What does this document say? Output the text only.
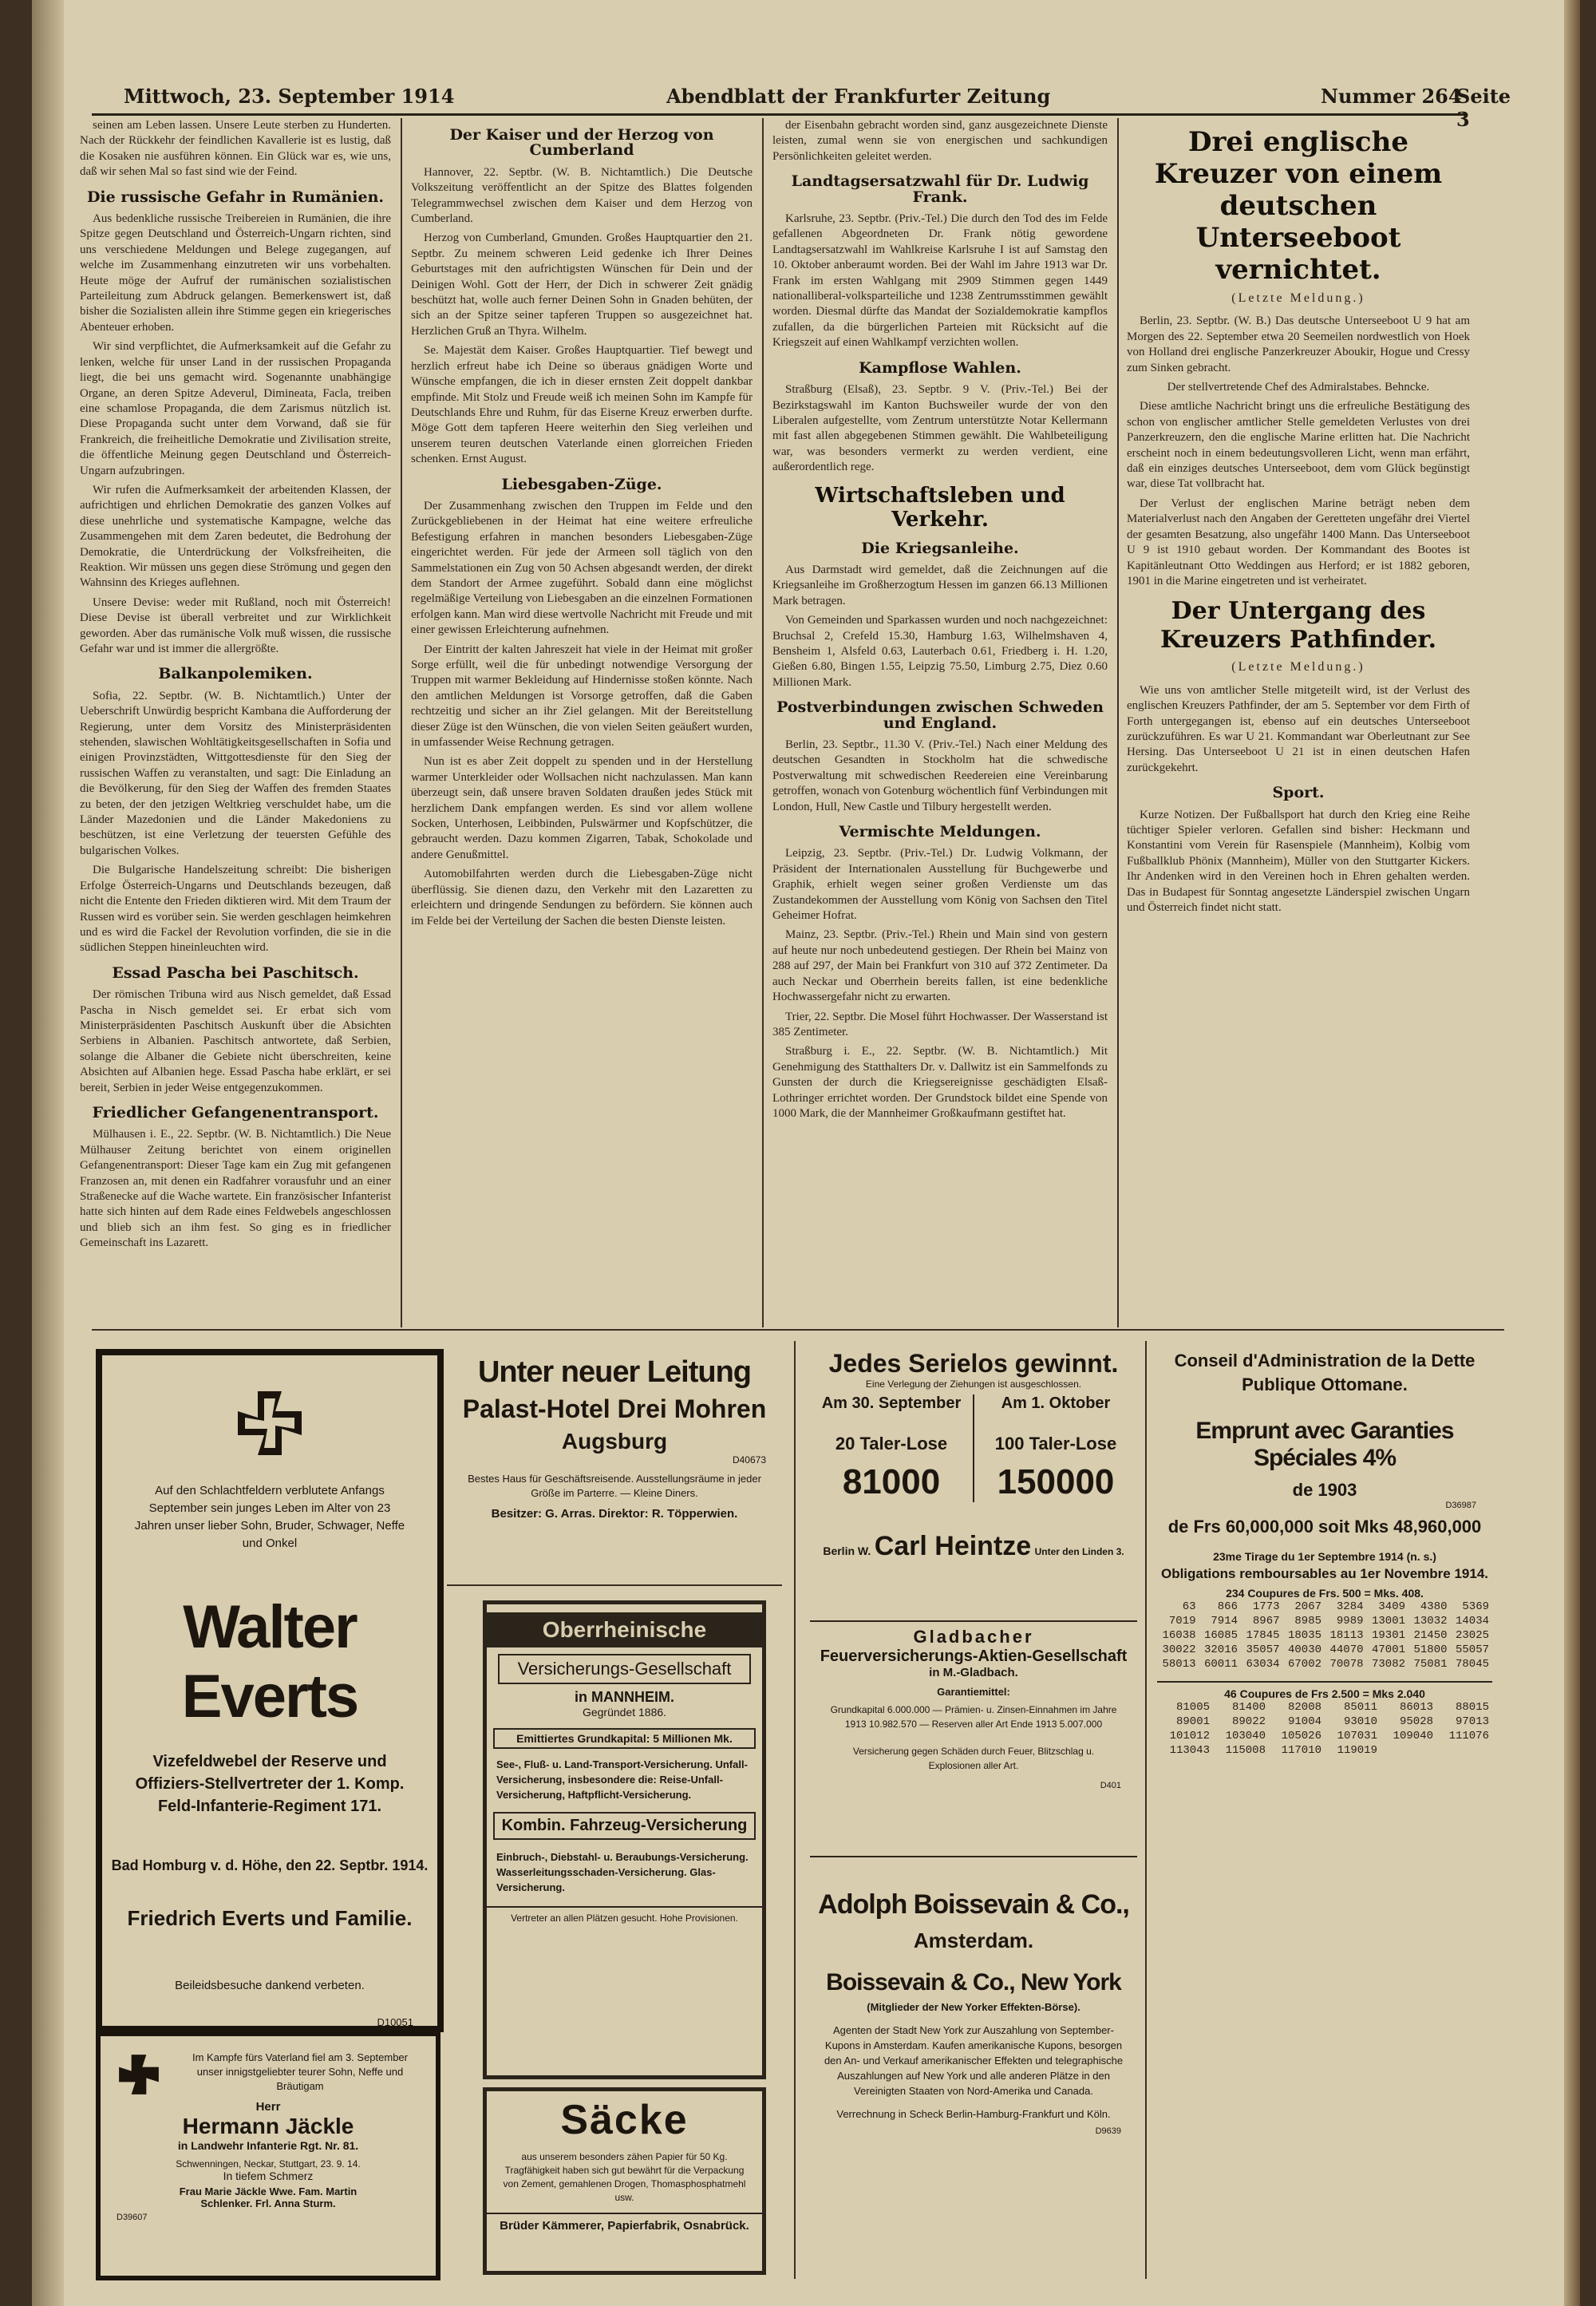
Mittwoch, 23. September 1914	Abendblatt der Frankfurter Zeitung	Nummer 264
Seite 3

seinen am Leben lassen. Unsere Leute sterben zu Hunderten. Nach der Rückkehr der feindlichen Kavallerie ist es lustig, daß die Kosaken nie ausführen können. Ein Glück war es, wie uns, daß wir sehen Mal so fast sind wie der Feind.

Die russische Gefahr in Rumänien.

Aus bedenkliche russische Treibereien in Rumänien, die ihre Spitze gegen Deutschland und Österreich-Ungarn richten, sind uns verschiedene Meldungen und Belege zugegangen, auf welche im Zusammenhang einzutreten wir uns vorbehalten. Heute möge der Aufruf der rumänischen sozialistischen Parteileitung zum Abdruck gelangen. Bemerkenswert ist, daß bisher die Sozialisten allein ihre Stimme gegen ein kriegerisches Abenteuer erhoben.

Wir sind verpflichtet, die Aufmerksamkeit auf die Gefahr zu lenken, welche für unser Land in der russischen Propaganda liegt, die bei uns gemacht wird. Sogenannte unabhängige Organe, an deren Spitze Adeverul, Dimineata, Facla, treiben eine schamlose Propaganda, die dem Zarismus nützlich ist. Diese Propaganda sucht unter dem Vorwand, daß sie für Frankreich, die freiheitliche Demokratie und Zivilisation streite, die öffentliche Meinung gegen Deutschland und Österreich-Ungarn aufzubringen.

Wir rufen die Aufmerksamkeit der arbeitenden Klassen, der aufrichtigen und ehrlichen Demokratie des ganzen Volkes auf diese unehrliche und systematische Kampagne, welche das Zusammengehen mit dem Zaren bedeutet, die Bedrohung der Demokratie, die Unterdrückung der Volksfreiheiten, die Reaktion. Wir müssen uns gegen diese Strömung und gegen den Wahnsinn des Krieges auflehnen.

Unsere Devise: weder mit Rußland, noch mit Österreich! Diese Devise ist überall verbreitet und zur Wirklichkeit geworden. Aber das rumänische Volk muß wissen, die russische Gefahr war und ist immer die allergrößte.

Balkanpolemiken.

Sofia, 22. Septbr. (W. B. Nichtamtlich.) Unter der Ueberschrift Unwürdig bespricht Kambana die Aufforderung der Regierung, unter dem Vorsitz des Ministerpräsidenten stehenden, slawischen Wohltätigkeitsgesellschaften in Sofia und einigen Provinzstädten, Wittgottesdienste für den Sieg der russischen Waffen zu veranstalten, und sagt: Die Einladung an die Bevölkerung, für den Sieg der Waffen des fremden Staates zu beten, der den jetzigen Weltkrieg verschuldet habe, um die Länder Mazedonien und die Länder Makedoniens zu beschützen, ist eine Verletzung der teuersten Gefühle des bulgarischen Volkes.

Die Bulgarische Handelszeitung schreibt: Die bisherigen Erfolge Österreich-Ungarns und Deutschlands bezeugen, daß nicht die Entente den Frieden diktieren wird. Mit dem Traum der Russen wird es vorüber sein. Sie werden geschlagen heimkehren und es wird die Fackel der Revolution vorfinden, die sie in die südlichen Steppen hineinleuchten wird.

Essad Pascha bei Paschitsch.

Der römischen Tribuna wird aus Nisch gemeldet, daß Essad Pascha in Nisch gemeldet sei. Er erbat sich vom Ministerpräsidenten Paschitsch Auskunft über die Absichten Serbiens in Albanien. Paschitsch antwortete, daß Serbien, solange die Albaner die Gebiete nicht überschreiten, keine Absichten auf Albanien hege. Essad Pascha habe erklärt, er sei bereit, Serbien in jeder Weise entgegenzukommen.

Friedlicher Gefangenentransport.

Mülhausen i. E., 22. Septbr. (W. B. Nichtamtlich.) Die Neue Mülhauser Zeitung berichtet von einem originellen Gefangenentransport: Dieser Tage kam ein Zug mit gefangenen Franzosen an, mit denen ein Radfahrer vorausfuhr und an einer Straßenecke auf die Wache wartete. Ein französischer Infanterist hatte sich hinten auf dem Rade eines Feldwebels angeschlossen und blieb sich an ihm fest. So ging es in friedlicher Gemeinschaft ins Lazarett.

Der Kaiser und der Herzog von Cumberland

Hannover, 22. Septbr. (W. B. Nichtamtlich.) Die Deutsche Volkszeitung veröffentlicht an der Spitze des Blattes folgenden Telegrammwechsel zwischen dem Kaiser und dem Herzog von Cumberland.

Herzog von Cumberland, Gmunden. Großes Hauptquartier den 21. Septbr. Zu meinem schweren Leid gedenke ich Ihrer Deines Geburtstages mit den aufrichtigsten Wünschen für Dein und der Deinigen Wohl. Gott der Herr, der Dich in schwerer Zeit gnädig beschützt hat, wolle auch ferner Deinen Sohn in Gnaden behüten, der sich an der Spitze seiner tapferen Truppen so ausgezeichnet hat. Herzlichen Gruß an Thyra. Wilhelm.

Se. Majestät dem Kaiser. Großes Hauptquartier. Tief bewegt und herzlich erfreut habe ich Deine so überaus gnädigen Worte und Wünsche empfangen, die ich in dieser ernsten Zeit doppelt dankbar empfinde. Mit Stolz und Freude weiß ich meinen Sohn im Kampfe für Deutschlands Ehre und Ruhm, für das Eiserne Kreuz erwerben durfte. Möge Gott dem tapferen Heere weiterhin den Sieg verleihen und unserem teuren deutschen Vaterlande einen glorreichen Frieden schenken. Ernst August.

Liebesgaben-Züge.

Der Zusammenhang zwischen den Truppen im Felde und den Zurückgebliebenen in der Heimat hat eine weitere erfreuliche Befestigung erfahren in manchen besonders Liebesgaben-Züge eingerichtet werden. Für jede der Armeen soll täglich von den Sammelstationen ein Zug von 50 Achsen abgesandt werden, der direkt dem Standort der Armee zugeführt. Sobald dann eine möglichst regelmäßige Verteilung von Liebesgaben an die einzelnen Formationen erfolgen kann. Man wird diese wertvolle Nachricht mit Freude und mit einer gewissen Erleichterung aufnehmen.

Der Eintritt der kalten Jahreszeit hat viele in der Heimat mit großer Sorge erfüllt, weil die für unbedingt notwendige Versorgung der Truppen mit warmer Bekleidung auf Hindernisse stoßen könnte. Nach den amtlichen Meldungen ist Vorsorge getroffen, daß die Gaben rechtzeitig und sicher an ihr Ziel gelangen. Mit der Bereitstellung dieser Züge ist den Wünschen, die von vielen Seiten geäußert wurden, in umfassender Weise Rechnung getragen.

Nun ist es aber Zeit doppelt zu spenden und in der Herstellung warmer Unterkleider oder Wollsachen nicht nachzulassen. Man kann überzeugt sein, daß unsere braven Soldaten draußen jedes Stück mit herzlichem Dank empfangen werden. Es sind vor allem wollene Socken, Unterhosen, Leibbinden, Pulswärmer und Kopfschützer, die gebraucht werden. Dazu kommen Zigarren, Tabak, Schokolade und andere Genußmittel.

Automobilfahrten werden durch die Liebesgaben-Züge nicht überflüssig. Sie dienen dazu, den Verkehr mit den Lazaretten zu erleichtern und dringende Sendungen zu befördern. Sie können auch im Felde bei der Verteilung der Sachen die besten Dienste leisten.

der Eisenbahn gebracht worden sind, ganz ausgezeichnete Dienste leisten, zumal wenn sie von energischen und sachkundigen Persönlichkeiten geleitet werden.

Landtagsersatzwahl für Dr. Ludwig Frank.

Karlsruhe, 23. Septbr. (Priv.-Tel.) Die durch den Tod des im Felde gefallenen Abgeordneten Dr. Frank nötig gewordene Landtagsersatzwahl im Wahlkreise Karlsruhe I ist auf Samstag den 10. Oktober anberaumt worden. Bei der Wahl im Jahre 1913 war Dr. Frank im ersten Wahlgang mit 2909 Stimmen gegen 1449 nationalliberal-volksparteiliche und 1238 Zentrumsstimmen gewählt worden. Diesmal dürfte das Mandat der Sozialdemokratie kampflos zufallen, da die bürgerlichen Parteien mit Rücksicht auf die Kriegszeit auf einen Wahlkampf verzichten wollen.

Kampflose Wahlen.

Straßburg (Elsaß), 23. Septbr. 9 V. (Priv.-Tel.) Bei der Bezirkstagswahl im Kanton Buchsweiler wurde der von den Liberalen aufgestellte, vom Zentrum unterstützte Notar Kellermann mit fast allen abgegebenen Stimmen gewählt. Die Wahlbeteiligung war, was besonders vermerkt zu werden verdient, eine außerordentlich rege.

Wirtschaftsleben und Verkehr.
Die Kriegsanleihe.

Aus Darmstadt wird gemeldet, daß die Zeichnungen auf die Kriegsanleihe im Großherzogtum Hessen im ganzen 66.13 Millionen Mark betragen.

Von Gemeinden und Sparkassen wurden und noch nachgezeichnet: Bruchsal 2, Crefeld 15.30, Hamburg 1.63, Wilhelmshaven 4, Bensheim 1, Alsfeld 0.63, Lauterbach 0.61, Friedberg i. H. 1.20, Gießen 6.80, Bingen 1.55, Leipzig 75.50, Limburg 2.75, Diez 0.60 Millionen Mark.

Postverbindungen zwischen Schweden und England.

Berlin, 23. Septbr., 11.30 V. (Priv.-Tel.) Nach einer Meldung des deutschen Gesandten in Stockholm hat die schwedische Postverwaltung mit schwedischen Reedereien eine Vereinbarung getroffen, wonach von Gotenburg wöchentlich fünf Verbindungen mit London, Hull, New Castle und Tilbury hergestellt werden.

Vermischte Meldungen.

Leipzig, 23. Septbr. (Priv.-Tel.) Dr. Ludwig Volkmann, der Präsident der Internationalen Ausstellung für Buchgewerbe und Graphik, erhielt wegen seiner großen Verdienste um das Zustandekommen der Ausstellung vom König von Sachsen den Titel Geheimer Hofrat.

Mainz, 23. Septbr. (Priv.-Tel.) Rhein und Main sind von gestern auf heute nur noch unbedeutend gestiegen. Der Rhein bei Mainz von 288 auf 297, der Main bei Frankfurt von 310 auf 372 Zentimeter. Da auch Neckar und Oberrhein bereits fallen, ist eine bedenkliche Hochwassergefahr nicht zu erwarten.

Trier, 22. Septbr. Die Mosel führt Hochwasser. Der Wasserstand ist 385 Zentimeter.

Straßburg i. E., 22. Septbr. (W. B. Nichtamtlich.) Mit Genehmigung des Statthalters Dr. v. Dallwitz ist ein Sammelfonds zu Gunsten der durch die Kriegsereignisse geschädigten Elsaß-Lothringer errichtet worden. Der Grundstock bildet eine Spende von 1000 Mark, die der Mannheimer Großkaufmann gestiftet hat.

Drei englische Kreuzer von einem deutschen Unterseeboot vernichtet.
(Letzte Meldung.)

Berlin, 23. Septbr. (W. B.) Das deutsche Unterseeboot U 9 hat am Morgen des 22. September etwa 20 Seemeilen nordwestlich von Hoek von Holland drei englische Panzerkreuzer Aboukir, Hogue und Cressy zum Sinken gebracht.

Der stellvertretende Chef des Admiralstabes. Behncke.

Diese amtliche Nachricht bringt uns die erfreuliche Bestätigung des schon von englischer amtlicher Stelle gemeldeten Verlustes von drei Panzerkreuzern, den die englische Marine erlitten hat. Die Nachricht erscheint noch in einem bedeutungsvolleren Licht, wenn man erfährt, daß ein einziges deutsches Unterseeboot, dem vom Glück begünstigt war, diese Tat vollbracht hat.

Der Verlust der englischen Marine beträgt neben dem Materialverlust nach den Angaben der Geretteten ungefähr drei Viertel der gesamten Besatzung, also ungefähr 1400 Mann. Das Unterseeboot U 9 ist 1910 gebaut worden. Der Kommandant des Bootes ist Kapitänleutnant Otto Weddingen aus Herford; er ist 1882 geboren, 1901 in die Marine eingetreten und ist verheiratet.

Der Untergang des Kreuzers Pathfinder.
(Letzte Meldung.)

Wie uns von amtlicher Stelle mitgeteilt wird, ist der Verlust des englischen Kreuzers Pathfinder, der am 5. September vor dem Firth of Forth untergegangen ist, ebenso auf ein deutsches Unterseeboot zurückzuführen. Es war U 21. Kommandant war Oberleutnant zur See Hersing. Das Unterseeboot U 21 ist in einen deutschen Hafen zurückgekehrt.

Sport.

Kurze Notizen. Der Fußballsport hat durch den Krieg eine Reihe tüchtiger Spieler verloren. Gefallen sind bisher: Heckmann und Konstantini vom Verein für Rasenspiele (Mannheim), Kolbig vom Fußballklub Phönix (Mannheim), Müller von den Stuttgarter Kickers. Ihr Andenken wird in den Vereinen hoch in Ehren gehalten werden. Das in Budapest für Sonntag angesetzte Länderspiel zwischen Ungarn und Österreich findet nicht statt.

Auf den Schlachtfeldern verblutete Anfangs September sein junges Leben im Alter von 23 Jahren unser lieber Sohn, Bruder, Schwager, Neffe und Onkel
Walter Everts
Vizefeldwebel der Reserve und Offiziers-Stellvertreter der 1. Komp. Feld-Infanterie-Regiment 171.
Bad Homburg v. d. Höhe, den 22. Septbr. 1914.
Friedrich Everts und Familie.
Beileidsbesuche dankend verbeten.
D10051
Im Kampfe fürs Vaterland fiel am 3. September unser innigstgeliebter teurer Sohn, Neffe und Bräutigam
Herr
Hermann Jäckle
in Landwehr Infanterie Rgt. Nr. 81.
Schwenningen, Neckar, Stuttgart, 23. 9. 14.
In tiefem Schmerz
Frau Marie Jäckle Wwe. Fam. Martin Schlenker. Frl. Anna Sturm.
D39607
Unter neuer Leitung
Palast-Hotel Drei Mohren
Augsburg
D40673
Bestes Haus für Geschäftsreisende. Ausstellungsräume in jeder Größe im Parterre. — Kleine Diners.
Besitzer: G. Arras. Direktor: R. Töpperwien.
Oberrheinische
Versicherungs-Gesellschaft
in MANNHEIM.
Gegründet 1886.
Emittiertes Grundkapital: 5 Millionen Mk.
See-, Fluß- u. Land-Transport-Versicherung. Unfall-Versicherung, insbesondere die: Reise-Unfall-Versicherung, Haftpflicht-Versicherung.
Kombin. Fahrzeug-Versicherung
Einbruch-, Diebstahl- u. Beraubungs-Versicherung. Wasserleitungsschaden-Versicherung. Glas-Versicherung.
Vertreter an allen Plätzen gesucht. Hohe Provisionen.
Säcke
aus unserem besonders zähen Papier für 50 Kg. Tragfähigkeit haben sich gut bewährt für die Verpackung von Zement, gemahlenen Drogen, Thomasphosphatmehl usw.
Brüder Kämmerer, Papierfabrik, Osnabrück.
Jedes Serielos gewinnt.
Eine Verlegung der Ziehungen ist ausgeschlossen.
Am 30. September
20 Taler-Lose
81000
Am 1. Oktober
100 Taler-Lose
150000
Berlin W. Carl Heintze Unter den Linden 3.
Gladbacher
Feuerversicherungs-Aktien-Gesellschaft
in M.-Gladbach.
Garantiemittel:
Grundkapital 6.000.000 — Prämien- u. Zinsen-Einnahmen im Jahre 1913 10.982.570 — Reserven aller Art Ende 1913 5.007.000
Versicherung gegen Schäden durch Feuer, Blitzschlag u. Explosionen aller Art.
D401
Adolph Boissevain & Co.,
Amsterdam.
Boissevain & Co., New York
(Mitglieder der New Yorker Effekten-Börse).
Agenten der Stadt New York zur Auszahlung von September-Kupons in Amsterdam. Kaufen amerikanische Kupons, besorgen den An- und Verkauf amerikanischer Effekten und telegraphische Auszahlungen auf New York und alle anderen Plätze in den Vereinigten Staaten von Nord-Amerika und Canada.
Verrechnung in Scheck Berlin-Hamburg-Frankfurt und Köln.
D9639
Conseil d'Administration de la Dette Publique Ottomane.
Emprunt avec Garanties Spéciales 4%
de 1903
D36987
de Frs 60,000,000 soit Mks 48,960,000
23me Tirage du 1er Septembre 1914 (n. s.)
Obligations remboursables au 1er Novembre 1914.
234 Coupures de Frs. 500 = Mks. 408.
63	866	1773	2067	3284	3409	4380	5369
7019	7914	8967	8985	9989	13001	13032	14034
16038	16085	17845	18035	18113	19301	21450	23025
30022	32016	35057	40030	44070	47001	51800	55057
58013	60011	63034	67002	70078	73082	75081	78045
46 Coupures de Frs 2.500 = Mks 2.040
81005	81400	82008	85011	86013	88015
89001	89022	91004	93010	95028	97013
101012	103040	105026	107031	109040	111076
113043	115008	117010	119019		
